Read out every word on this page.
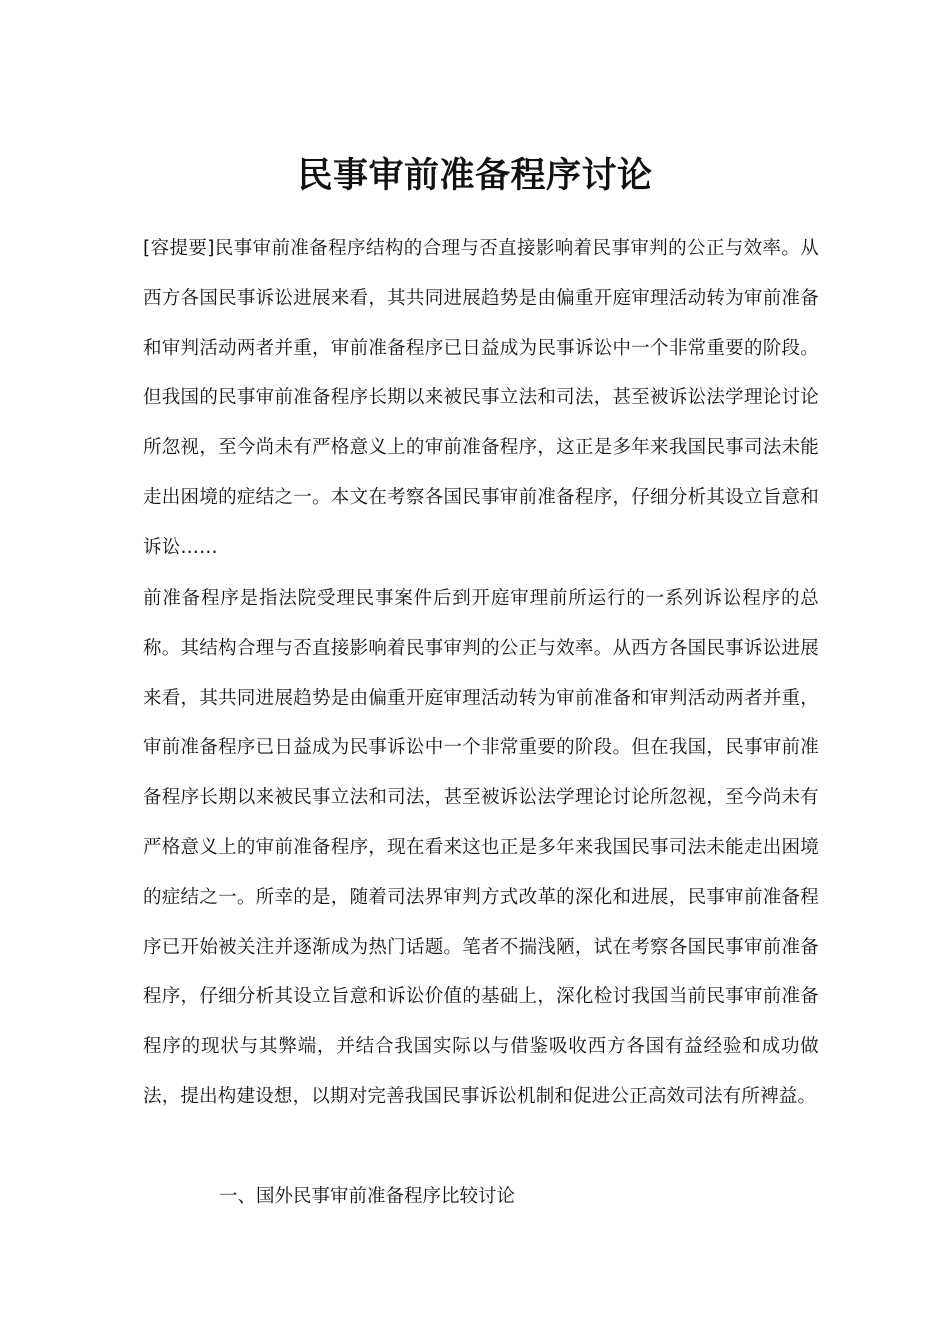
民事审前准备程序讨论

[容提要]民事审前准备程序结构的合理与否直接影响着民事审判的公正与效率。从西方各国民事诉讼进展来看，其共同进展趋势是由偏重开庭审理活动转为审前准备和审判活动两者并重，审前准备程序已日益成为民事诉讼中一个非常重要的阶段。但我国的民事审前准备程序长期以来被民事立法和司法，甚至被诉讼法学理论讨论所忽视，至今尚未有严格意义上的审前准备程序，这正是多年来我国民事司法未能走出困境的症结之一。本文在考察各国民事审前准备程序，仔细分析其设立旨意和诉讼……

前准备程序是指法院受理民事案件后到开庭审理前所运行的一系列诉讼程序的总称。其结构合理与否直接影响着民事审判的公正与效率。从西方各国民事诉讼进展来看，其共同进展趋势是由偏重开庭审理活动转为审前准备和审判活动两者并重，审前准备程序已日益成为民事诉讼中一个非常重要的阶段。但在我国，民事审前准备程序长期以来被民事立法和司法，甚至被诉讼法学理论讨论所忽视，至今尚未有严格意义上的审前准备程序，现在看来这也正是多年来我国民事司法未能走出困境的症结之一。所幸的是，随着司法界审判方式改革的深化和进展，民事审前准备程序已开始被关注并逐渐成为热门话题。笔者不揣浅陋，试在考察各国民事审前准备程序，仔细分析其设立旨意和诉讼价值的基础上，深化检讨我国当前民事审前准备程序的现状与其弊端，并结合我国实际以与借鉴吸收西方各国有益经验和成功做法，提出构建设想，以期对完善我国民事诉讼机制和促进公正高效司法有所裨益。

一、国外民事审前准备程序比较讨论
